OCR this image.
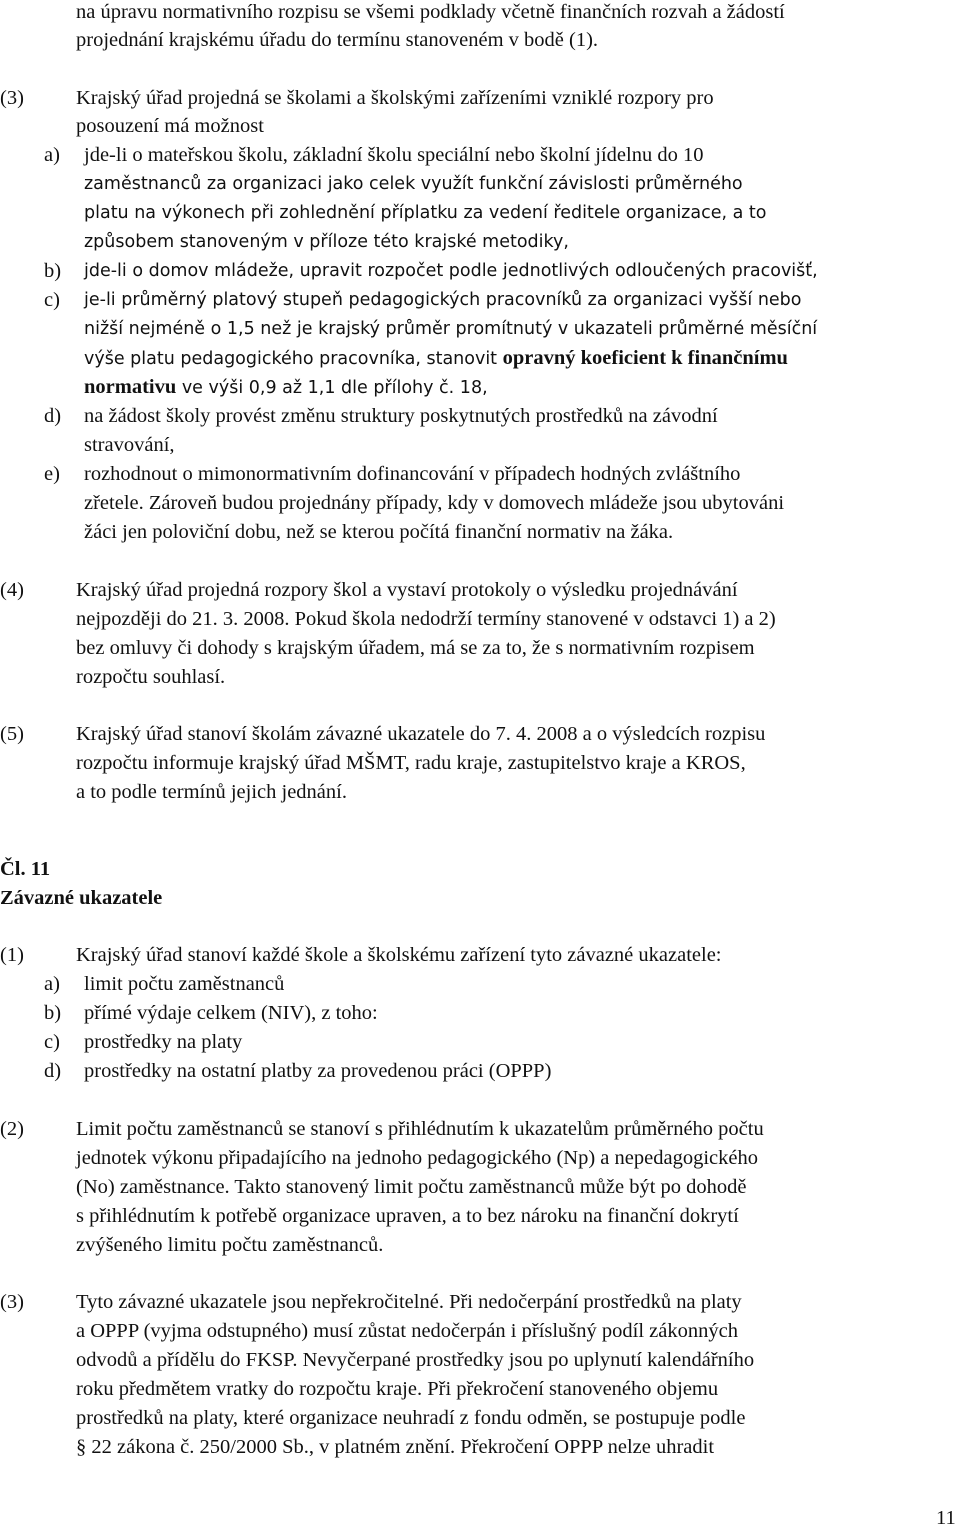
na úpravu normativního rozpisu se všemi podklady včetně finančních rozvah a žádostí
projednání krajskému úřadu do termínu stanoveném v bodě (1).
(3)	Krajský úřad projedná se školami a školskými zařízeními vzniklé rozpory pro
posouzení má možnost
a) jde-li o mateřskou školu, základní školu speciální nebo školní jídelnu do 10
zaměstnanců za organizaci jako celek využít funkční závislosti průměrného
platu na výkonech při zohlednění příplatku za vedení ředitele organizace, a to
způsobem stanoveným v příloze této krajské metodiky,
b) jde-li o domov mládeže, upravit rozpočet podle jednotlivých odloučených pracovišť,
c) je-li průměrný platový stupeň pedagogických pracovníků za organizaci vyšší nebo
nižší nejméně o 1,5 než je krajský průměr promítnutý v ukazateli průměrné měsíční
výše platu pedagogického pracovníka, stanovit opravný koeficient k finančnímu
normativu ve výši 0,9 až 1,1 dle přílohy č. 18,
d) na žádost školy provést změnu struktury poskytnutých prostředků na závodní
stravování,
e) rozhodnout o mimonormativním dofinancování v případech hodných zvláštního
zřetele. Zároveň budou projednány případy, kdy v domovech mládeže jsou ubytováni
žáci jen poloviční dobu, než se kterou počítá finanční normativ na žáka.
(4)	Krajský úřad projedná rozpory škol a vystaví protokoly o výsledku projednávání
nejpozději do 21. 3. 2008. Pokud škola nedodrží termíny stanovené v odstavci 1) a 2)
bez omluvy či dohody s krajským úřadem, má se za to, že s normativním rozpisem
rozpočtu souhlasí.
(5)	Krajský úřad stanoví školám závazné ukazatele do 7. 4. 2008 a o výsledcích rozpisu
rozpočtu informuje krajský úřad MŠMT, radu kraje, zastupitelstvo kraje a KROS,
a to podle termínů jejich jednání.
Čl. 11
Závazné ukazatele
(1)	Krajský úřad stanoví každé škole a školskému zařízení tyto závazné ukazatele:
a) limit počtu zaměstnanců
b) přímé výdaje celkem (NIV), z toho:
c) prostředky na platy
d) prostředky na ostatní platby za provedenou práci (OPPP)
(2)	Limit počtu zaměstnanců se stanoví s přihlédnutím k ukazatelům průměrného počtu
jednotek výkonu připadajícího na jednoho pedagogického (Np) a nepedagogického
(No) zaměstnance. Takto stanovený limit počtu zaměstnanců může být po dohodě
s přihlédnutím k potřebě organizace upraven, a to bez nároku na finanční dokrytí
zvýšeného limitu počtu zaměstnanců.
(3)	Tyto závazné ukazatele jsou nepřekročitelné. Při nedočerpání prostředků na platy
a OPPP (vyjma odstupného) musí zůstat nedočerpán i příslušný podíl zákonných
odvodů a přídělu do FKSP. Nevyčerpané prostředky jsou po uplynutí kalendářního
roku předmětem vratky do rozpočtu kraje. Při překročení stanoveného objemu
prostředků na platy, které organizace neuhradí z fondu odměn, se postupuje podle
§ 22 zákona č. 250/2000 Sb., v platném znění. Překročení OPPP nelze uhradit
11
